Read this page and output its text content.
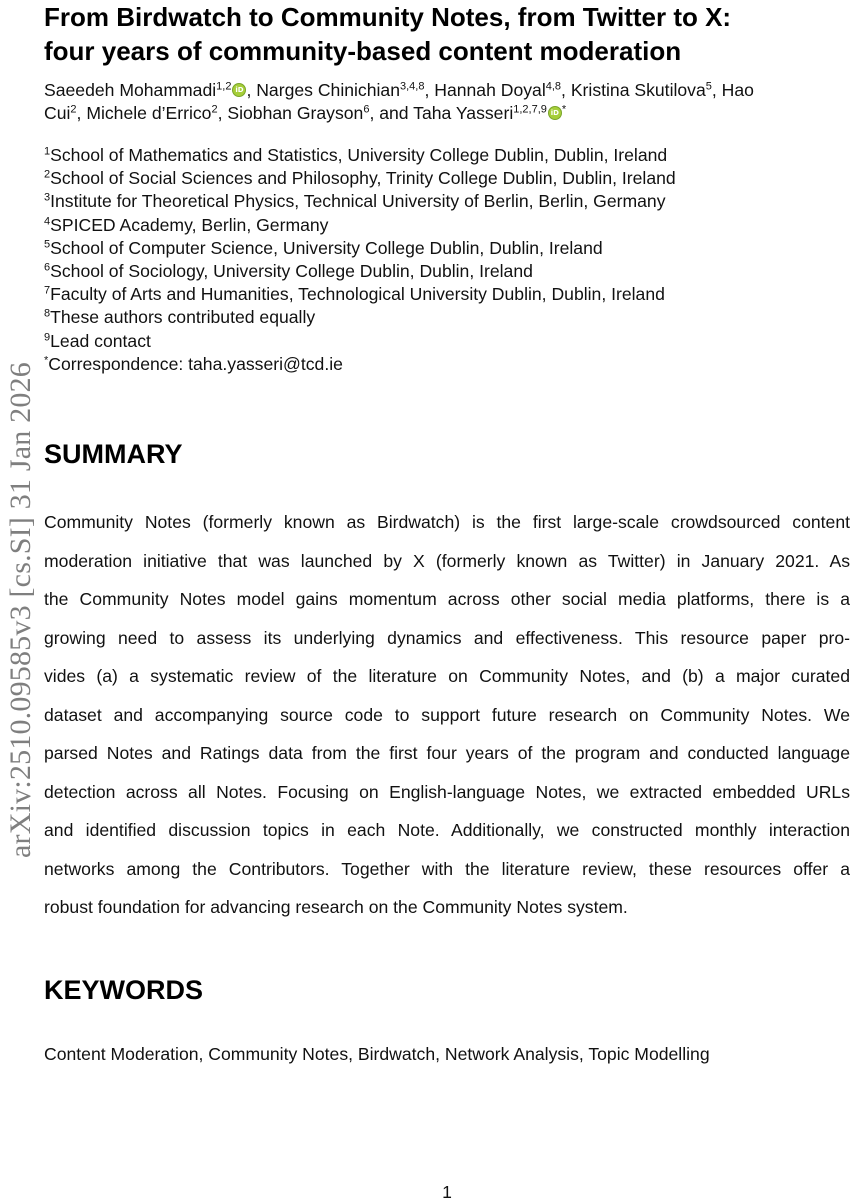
arXiv:2510.09585v3 [cs.SI] 31 Jan 2026
From Birdwatch to Community Notes, from Twitter to X:
four years of community-based content moderation
Saeedeh Mohammadi$^{1,2}$ iD , Narges Chinichian$^{3,4,8}$, Hannah Doyal$^{4,8}$, Kristina Skutilova$^5$, Hao
Cui$^2$, Michele d’Errico$^2$, Siobhan Grayson$^6$, and Taha Yasseri$^{1,2,7,9}$ iD *
$^1$School of Mathematics and Statistics, University College Dublin, Dublin, Ireland
$^2$School of Social Sciences and Philosophy, Trinity College Dublin, Dublin, Ireland
$^3$Institute for Theoretical Physics, Technical University of Berlin, Berlin, Germany
$^4$SPICED Academy, Berlin, Germany
$^5$School of Computer Science, University College Dublin, Dublin, Ireland
$^6$School of Sociology, University College Dublin, Dublin, Ireland
$^7$Faculty of Arts and Humanities, Technological University Dublin, Dublin, Ireland
$^8$These authors contributed equally
$^9$Lead contact
*Correspondence: taha.yasseri@tcd.ie
SUMMARY
Community Notes (formerly known as Birdwatch) is the first large-scale crowdsourced content
moderation initiative that was launched by X (formerly known as Twitter) in January 2021. As
the Community Notes model gains momentum across other social media platforms, there is a
growing need to assess its underlying dynamics and effectiveness. This resource paper pro-
vides (a) a systematic review of the literature on Community Notes, and (b) a major curated
dataset and accompanying source code to support future research on Community Notes. We
parsed Notes and Ratings data from the first four years of the program and conducted language
detection across all Notes. Focusing on English-language Notes, we extracted embedded URLs
and identified discussion topics in each Note. Additionally, we constructed monthly interaction
networks among the Contributors. Together with the literature review, these resources offer a
robust foundation for advancing research on the Community Notes system.
KEYWORDS
Content Moderation, Community Notes, Birdwatch, Network Analysis, Topic Modelling
1
